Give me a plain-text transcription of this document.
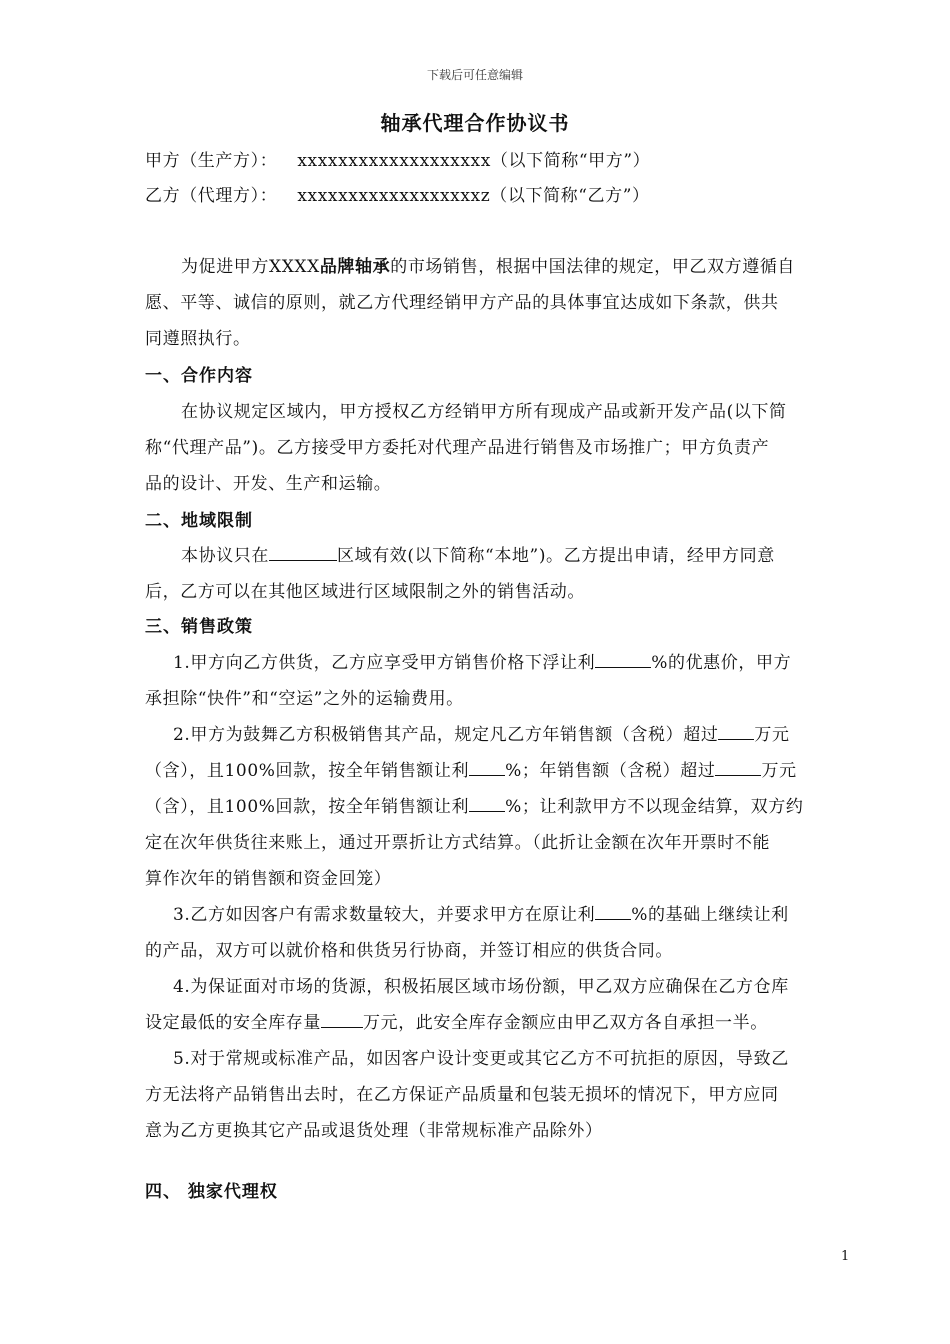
下载后可任意编辑
轴承代理合作协议书
甲方（生产方）： xxxxxxxxxxxxxxxxxxx（以下简称“甲方”）
乙方（代理方）： xxxxxxxxxxxxxxxxxxz（以下简称“乙方”）
为促进甲方XXXX品牌轴承的市场销售，根据中国法律的规定，甲乙双方遵循自
愿、平等、诚信的原则，就乙方代理经销甲方产品的具体事宜达成如下条款，供共
同遵照执行。
一、合作内容
在协议规定区域内，甲方授权乙方经销甲方所有现成产品或新开发产品(以下简
称“代理产品”)。乙方接受甲方委托对代理产品进行销售及市场推广；甲方负责产
品的设计、开发、生产和运输。
二、地域限制
本协议只在	区域有效(以下简称“本地”)。乙方提出申请，经甲方同意
后，乙方可以在其他区域进行区域限制之外的销售活动。
三、销售政策
1.甲方向乙方供货，乙方应享受甲方销售价格下浮让利	%的优惠价，甲方
承担除“快件”和“空运”之外的运输费用。
2.甲方为鼓舞乙方积极销售其产品，规定凡乙方年销售额（含税）超过 万元
（含），且100%回款，按全年销售额让利 %；年销售额（含税）超过	万元
（含），且100%回款，按全年销售额让利 %；让利款甲方不以现金结算，双方约
定在次年供货往来账上，通过开票折让方式结算。（此折让金额在次年开票时不能
算作次年的销售额和资金回笼）
3.乙方如因客户有需求数量较大，并要求甲方在原让利 %的基础上继续让利
的产品，双方可以就价格和供货另行协商，并签订相应的供货合同。
4.为保证面对市场的货源，积极拓展区域市场份额，甲乙双方应确保在乙方仓库
设定最低的安全库存量 万元，此安全库存金额应由甲乙双方各自承担一半。
5.对于常规或标准产品，如因客户设计变更或其它乙方不可抗拒的原因，导致乙
方无法将产品销售出去时，在乙方保证产品质量和包装无损坏的情况下，甲方应同
意为乙方更换其它产品或退货处理（非常规标准产品除外）
四、 独家代理权
1
